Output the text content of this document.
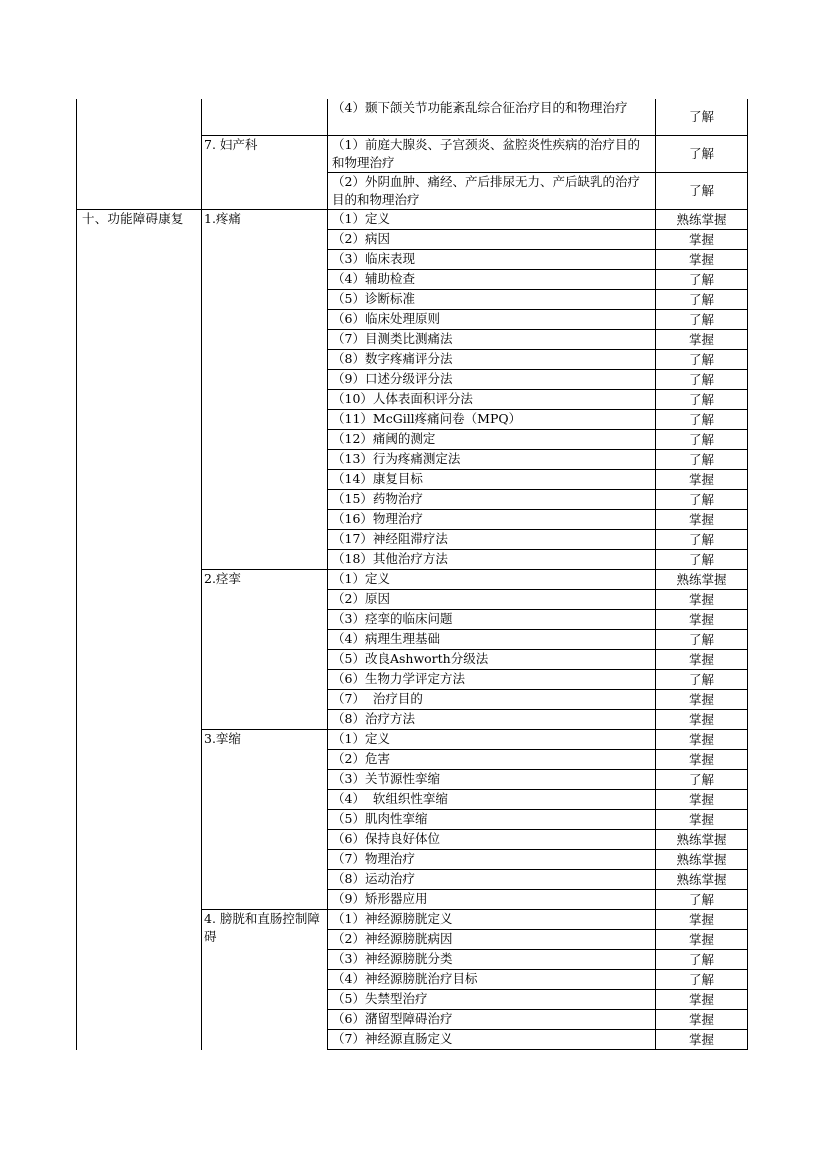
		（4）颞下颌关节功能紊乱综合征治疗目的和物理治疗	了解
	7. 妇产科	（1）前庭大腺炎、子宫颈炎、盆腔炎性疾病的治疗目的和物理治疗	了解
		（2）外阴血肿、痛经、产后排尿无力、产后缺乳的治疗目的和物理治疗	了解
十、功能障碍康复	1.疼痛	（1）定义	熟练掌握
		（2）病因	掌握
		（3）临床表现	掌握
		（4）辅助检查	了解
		（5）诊断标准	了解
		（6）临床处理原则	了解
		（7）目测类比测痛法	掌握
		（8）数字疼痛评分法	了解
		（9）口述分级评分法	了解
		（10）人体表面积评分法	了解
		（11）McGill疼痛问卷（MPQ）	了解
		（12）痛阈的测定	了解
		（13）行为疼痛测定法	了解
		（14）康复目标	掌握
		（15）药物治疗	了解
		（16）物理治疗	掌握
		（17）神经阻滞疗法	了解
		（18）其他治疗方法	了解
	2.痉挛	（1）定义	熟练掌握
		（2）原因	掌握
		（3）痉挛的临床问题	掌握
		（4）病理生理基础	了解
		（5）改良Ashworth分级法	掌握
		（6）生物力学评定方法	了解
		（7）  治疗目的	掌握
		（8）治疗方法	掌握
	3.挛缩	（1）定义	掌握
		（2）危害	掌握
		（3）关节源性挛缩	了解
		（4）  软组织性挛缩	掌握
		（5）肌肉性挛缩	掌握
		（6）保持良好体位	熟练掌握
		（7）物理治疗	熟练掌握
		（8）运动治疗	熟练掌握
		（9）矫形器应用	了解
	4. 膀胱和直肠控制障碍	（1）神经源膀胱定义	掌握
		（2）神经源膀胱病因	掌握
		（3）神经源膀胱分类	了解
		（4）神经源膀胱治疗目标	了解
		（5）失禁型治疗	掌握
		（6）潴留型障碍治疗	掌握
		（7）神经源直肠定义	掌握
